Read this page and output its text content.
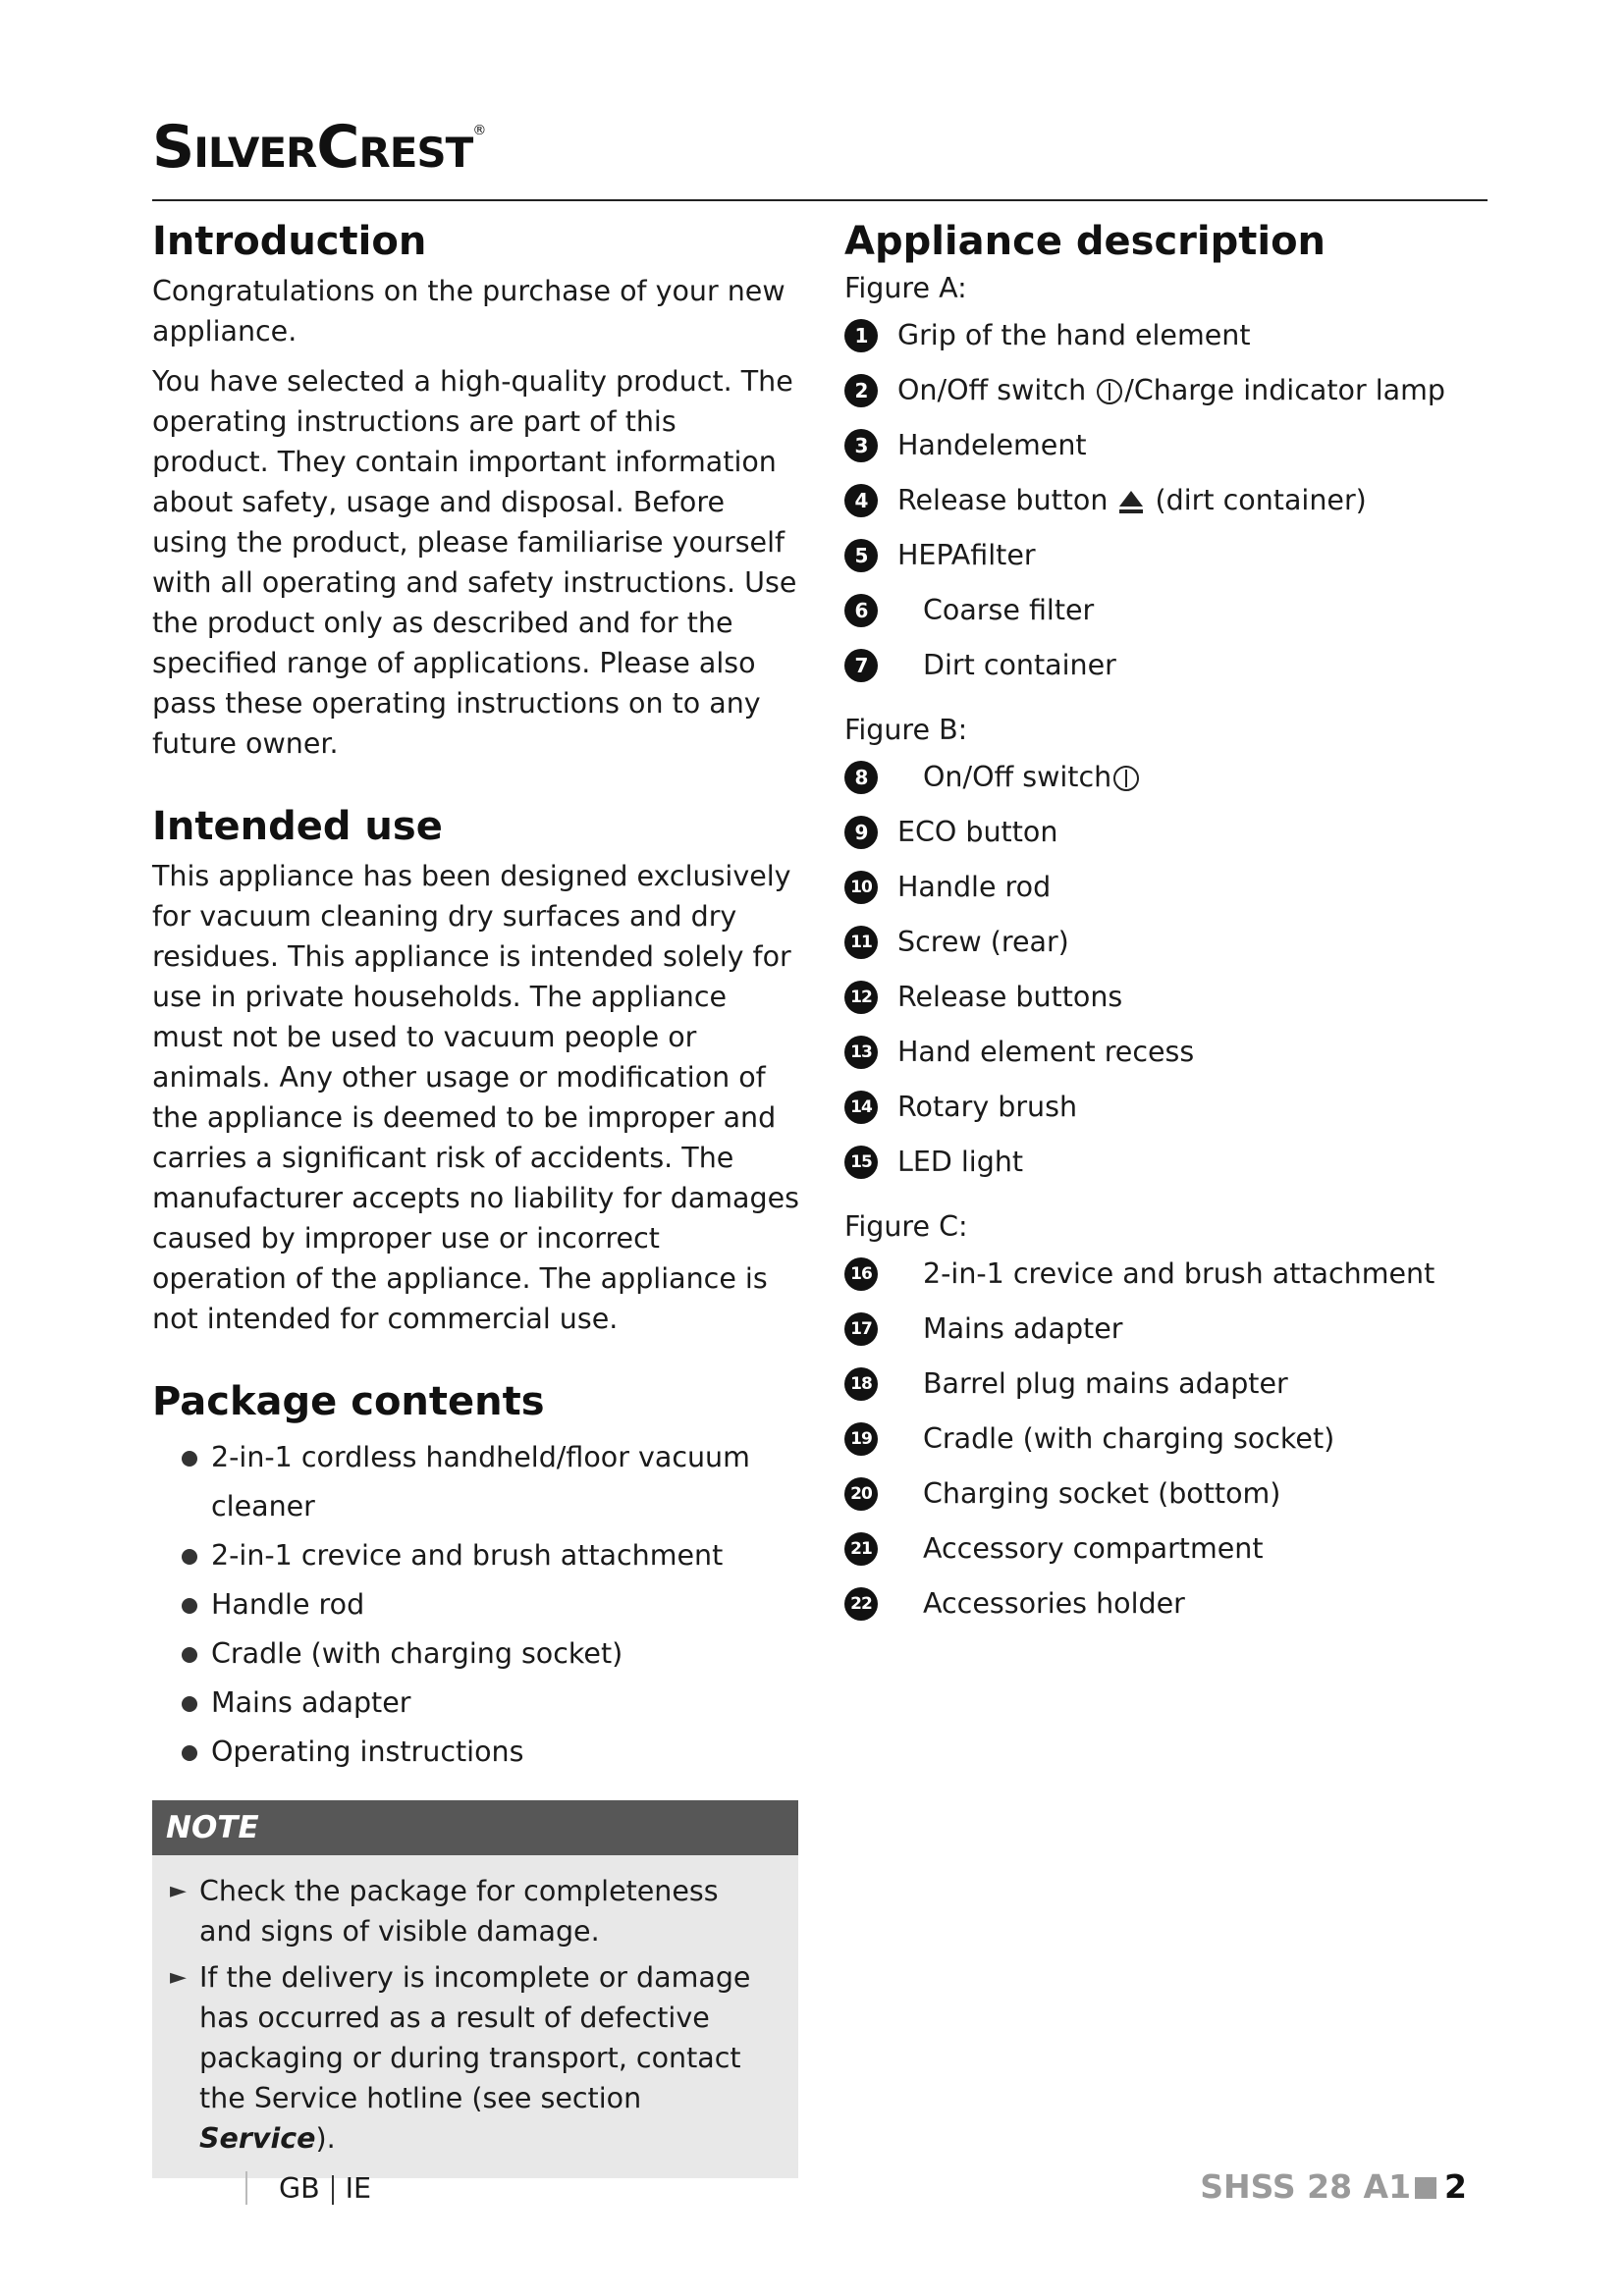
SilverCrest®
Introduction

Congratulations on the purchase of your new appliance.

You have selected a high-quality product. The operating instructions are part of this product. They contain important information about safety, usage and disposal. Before using the product, please familiarise yourself with all operating and safety instructions. Use the product only as described and for the specified range of applications. Please also pass these operating instructions on to any future owner.

Intended use

This appliance has been designed exclusively for vacuum cleaning dry surfaces and dry residues. This appliance is intended solely for use in private households. The appliance must not be used to vacuum people or animals. Any other usage or modification of the appliance is deemed to be improper and carries a significant risk of accidents. The manufacturer accepts no liability for damages caused by improper use or incorrect operation of the appliance. The appliance is not intended for commercial use.

Package contents
2-in-1 cordless handheld/floor vacuum cleaner
2-in-1 crevice and brush attachment
Handle rod
Cradle (with charging socket)
Mains adapter
Operating instructions
NOTE
► Check the package for completeness and signs of visible damage.
► If the delivery is incomplete or damage has occurred as a result of defective packaging or during transport, contact the Service hotline (see section Service).
Appliance description
Figure A:
1	Grip of the hand element
2	On/Off switch /Charge indicator lamp
3	Handelement
4	Release button  (dirt container)
5	HEPAfilter
6	Coarse filter
7	Dirt container
Figure B:
8	On/Off switch
9	ECO button
10 Handle rod
11 Screw (rear)
12 Release buttons
13 Hand element recess
14 Rotary brush
15 LED light
Figure C:
16 2-in-1 crevice and brush attachment
17 Mains adapter
18 Barrel plug mains adapter
19 Cradle (with charging socket)
20 Charging socket (bottom)
21 Accessory compartment
22 Accessories holder
GB IE	SHSS 28 A1 2
